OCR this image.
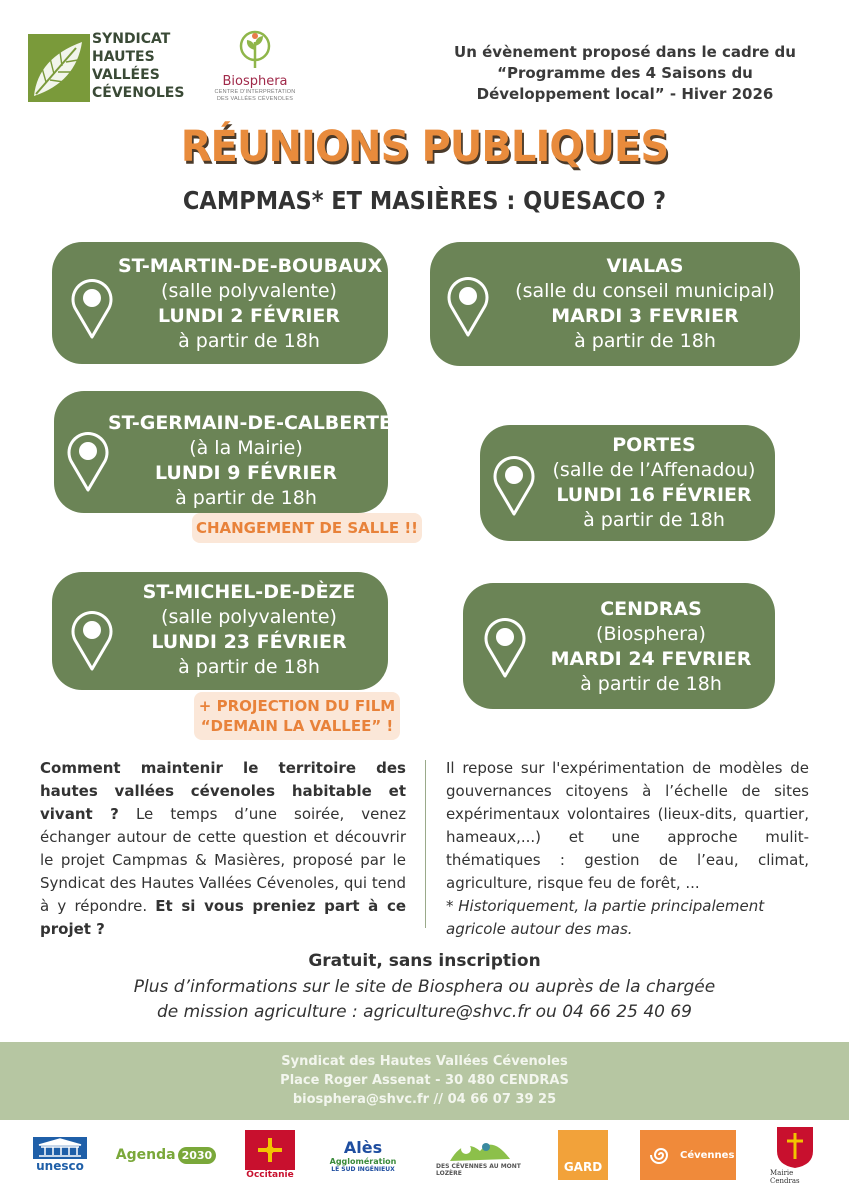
SYNDICAT
HAUTES
VALLÉES
CÉVENOLES
Biosphera
CENTRE D'INTERPRÉTATION
DES VALLÉES CÉVENOLES
Un évènement proposé dans le cadre du
“Programme des 4 Saisons du
Développement local” - Hiver 2026
RÉUNIONS PUBLIQUES
CAMPMAS* ET MASIÈRES : QUESACO ?
ST-MARTIN-DE-BOUBAUX
(salle polyvalente)
LUNDI 2 FÉVRIER
à partir de 18h
VIALAS
(salle du conseil municipal)
MARDI 3 FEVRIER
à partir de 18h
ST-GERMAIN-DE-CALBERTE
(à la Mairie)
LUNDI 9 FÉVRIER
à partir de 18h
CHANGEMENT DE SALLE !!
PORTES
(salle de l’Affenadou)
LUNDI 16 FÉVRIER
à partir de 18h
ST-MICHEL-DE-DÈZE
(salle polyvalente)
LUNDI 23 FÉVRIER
à partir de 18h
+ PROJECTION DU FILM
“DEMAIN LA VALLEE” !
CENDRAS
(Biosphera)
MARDI 24 FEVRIER
à partir de 18h
Comment maintenir le territoire des hautes vallées cévenoles habitable et vivant ? Le temps d’une soirée, venez échanger autour de cette question et découvrir le projet Campmas & Masières, proposé par le Syndicat des Hautes Vallées Cévenoles, qui tend à y répondre. Et si vous preniez part à ce projet ?
Il repose sur l'expérimentation de modèles de gouvernances citoyens à l’échelle de sites expérimentaux volontaires (lieux-dits, quartier, hameaux,...) et une approche mulit-thématiques : gestion de l’eau, climat, agriculture, risque feu de forêt, ...
* Historiquement, la partie principalement agricole autour des mas.
Gratuit, sans inscription
Plus d’informations sur le site de Biosphera ou auprès de la chargée
de mission agriculture : agriculture@shvc.fr ou 04 66 25 40 69
Syndicat des Hautes Vallées Cévenoles
Place Roger Assenat - 30 480 CENDRAS
biosphera@shvc.fr // 04 66 07 39 25
unesco
Agenda 2030
Occitanie
Alès
Agglomération
LE SUD INGÉNIEUX	DES CÉVENNES AU MONT LOZÈRE	GARD
Cévennes
Mairie Cendras
